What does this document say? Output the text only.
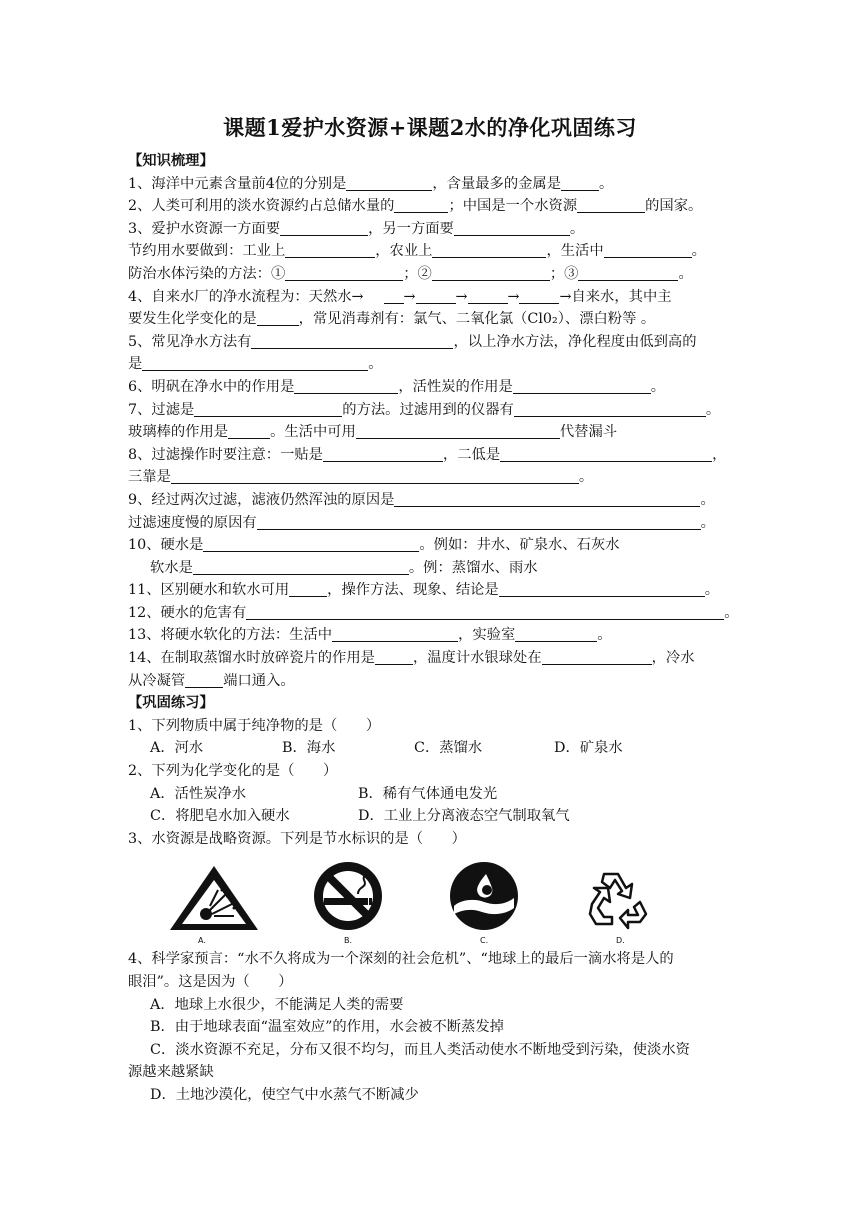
课题1爱护水资源+课题2水的净化巩固练习
【知识梳理】
1、海洋中元素含量前4位的分别是	，含量最多的金属是	。
2、人类可利用的淡水资源约占总储水量的	；中国是一个水资源	的国家。
3、爱护水资源一方面要	，另一方面要	。
节约用水要做到：工业上	，农业上	，生活中	。
防治水体污染的方法：①	；②	；③	。
4、自来水厂的净水流程为：天然水→	→	→	→	→自来水，其中主
要发生化学变化的是	，常见消毒剂有：氯气、二氧化氯（Cl0₂）、漂白粉等 。
5、常见净水方法有	，以上净水方法，净化程度由低到高的
是	。
6、明矾在净水中的作用是	，活性炭的作用是	。
7、过滤是	的方法。过滤用到的仪器有	。
玻璃棒的作用是	。生活中可用	代替漏斗
8、过滤操作时要注意：一贴是	，二低是	，
三靠是	。
9、经过两次过滤，滤液仍然浑浊的原因是	。
过滤速度慢的原因有	。
10、硬水是	。例如：井水、矿泉水、石灰水
软水是	。例：蒸馏水、雨水
11、区别硬水和软水可用	，操作方法、现象、结论是	。
12、硬水的危害有	。
13、将硬水软化的方法：生活中	，实验室	。
14、在制取蒸馏水时放碎瓷片的作用是	，温度计水银球处在	，冷水
从冷凝管	端口通入。
【巩固练习】
1、下列物质中属于纯净物的是（　　）
A．河水	B．海水	C．蒸馏水	D．矿泉水
2、下列为化学变化的是（　　）
A．活性炭净水	B．稀有气体通电发光
C．将肥皂水加入硬水	D．工业上分离液态空气制取氧气
3、水资源是战略资源。下列是节水标识的是（　　）
A.	B.	C.	D.
4、科学家预言：“水不久将成为一个深刻的社会危机”、“地球上的最后一滴水将是人的
眼泪”。这是因为（　　）
A．地球上水很少，不能满足人类的需要
B．由于地球表面“温室效应”的作用，水会被不断蒸发掉
C．淡水资源不充足，分布又很不均匀，而且人类活动使水不断地受到污染，使淡水资
源越来越紧缺
D．土地沙漠化，使空气中水蒸气不断减少
